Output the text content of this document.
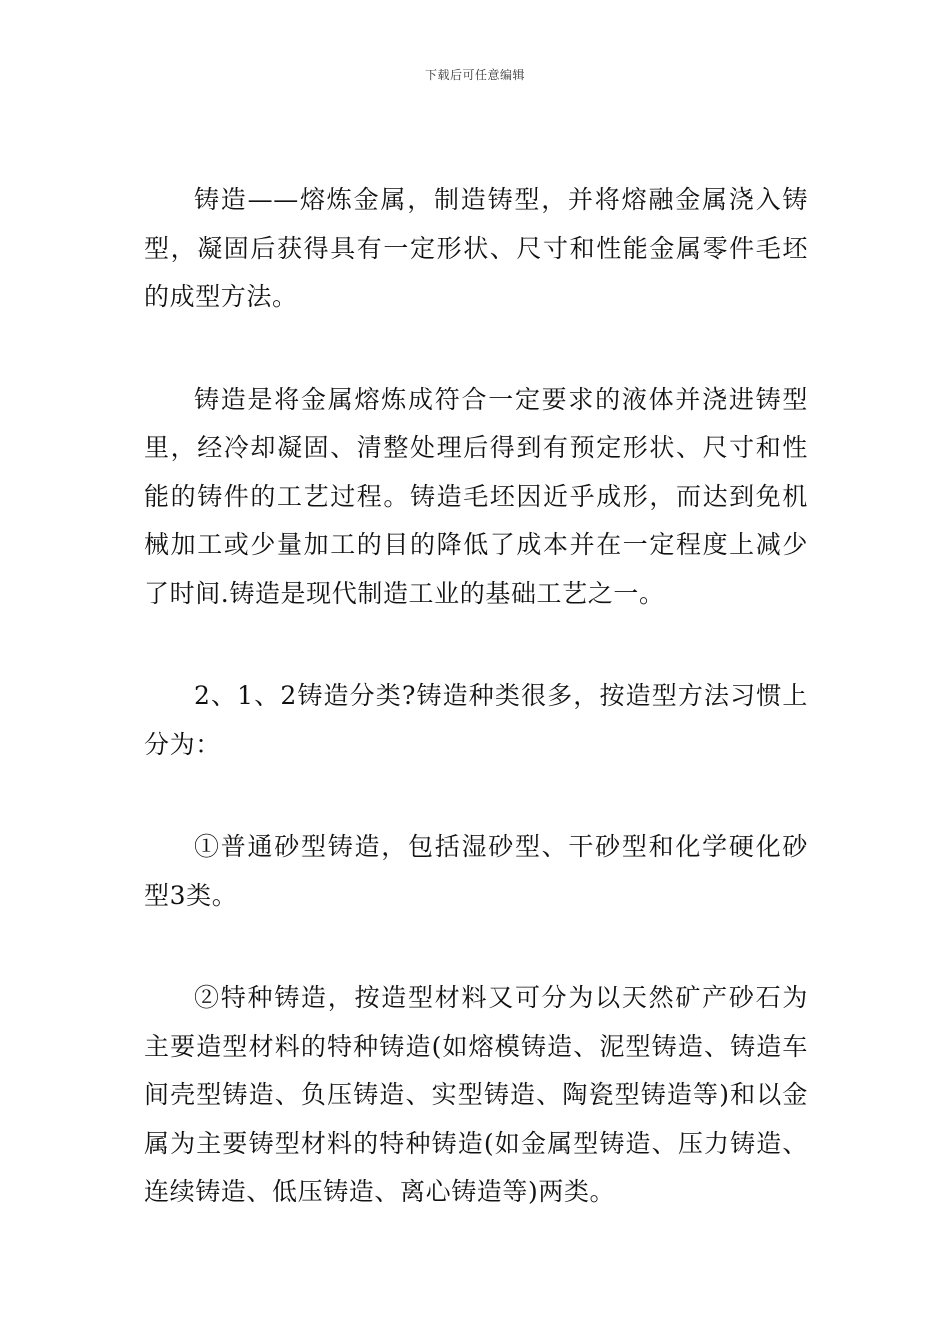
下载后可任意编辑

铸造——熔炼金属，制造铸型，并将熔融金属浇入铸型，凝固后获得具有一定形状、尺寸和性能金属零件毛坯的成型方法。

铸造是将金属熔炼成符合一定要求的液体并浇进铸型里，经冷却凝固、清整处理后得到有预定形状、尺寸和性能的铸件的工艺过程。铸造毛坯因近乎成形，而达到免机械加工或少量加工的目的降低了成本并在一定程度上减少了时间.铸造是现代制造工业的基础工艺之一。

2、1、2铸造分类?铸造种类很多，按造型方法习惯上分为：

①普通砂型铸造，包括湿砂型、干砂型和化学硬化砂型3类。

②特种铸造，按造型材料又可分为以天然矿产砂石为主要造型材料的特种铸造(如熔模铸造、泥型铸造、铸造车间壳型铸造、负压铸造、实型铸造、陶瓷型铸造等)和以金属为主要铸型材料的特种铸造(如金属型铸造、压力铸造、连续铸造、低压铸造、离心铸造等)两类。
